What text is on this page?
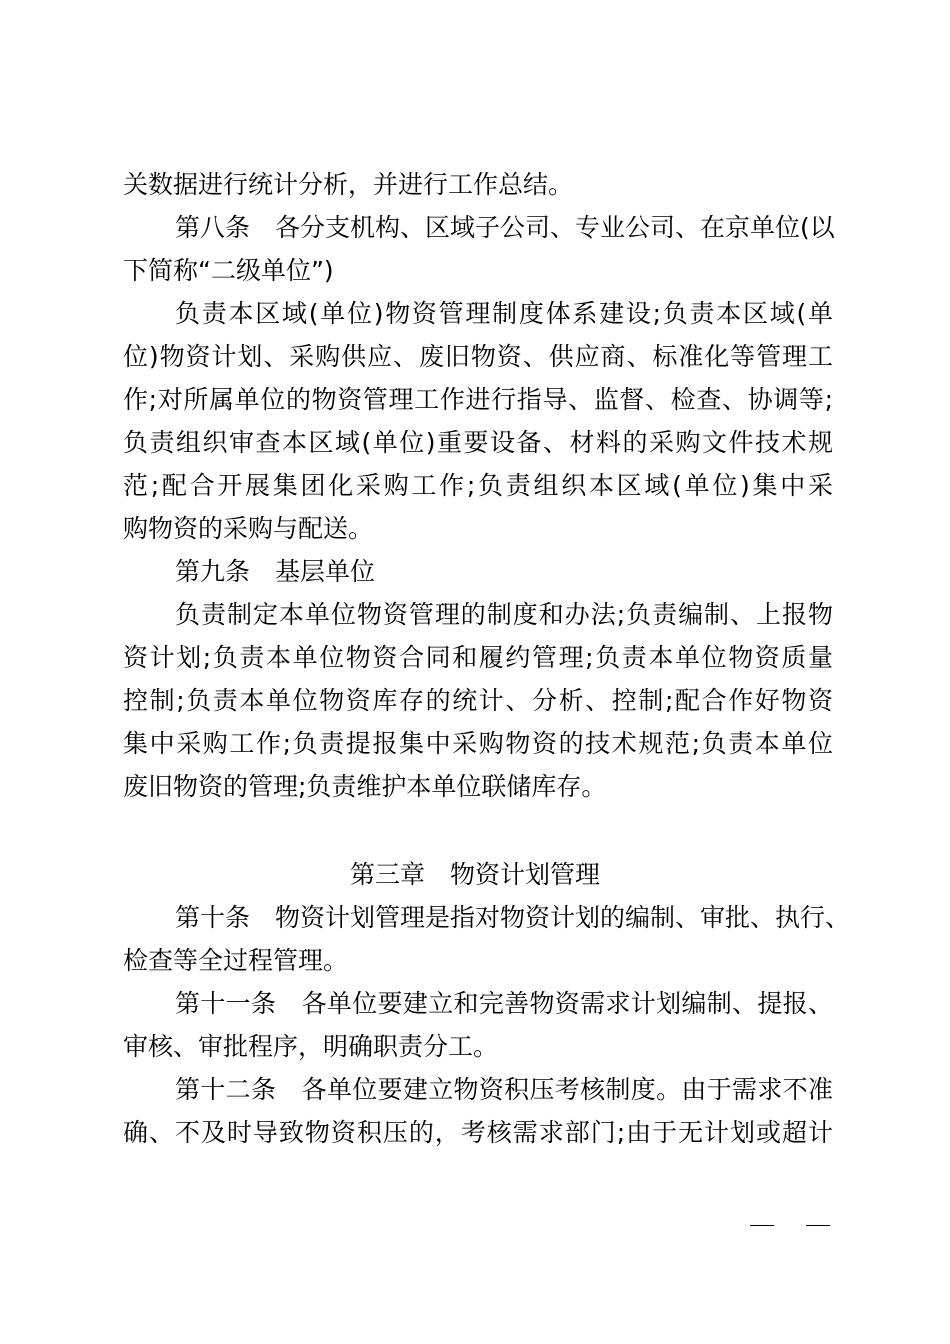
关数据进行统计分析，并进行工作总结。
第八条　各分支机构、区域子公司、专业公司、在京单位(以
下简称“二级单位”)
负责本区域(单位)物资管理制度体系建设;负责本区域(单
位)物资计划、采购供应、废旧物资、供应商、标准化等管理工
作;对所属单位的物资管理工作进行指导、监督、检查、协调等;
负责组织审查本区域(单位)重要设备、材料的采购文件技术规
范;配合开展集团化采购工作;负责组织本区域(单位)集中采
购物资的采购与配送。
第九条　基层单位
负责制定本单位物资管理的制度和办法;负责编制、上报物
资计划;负责本单位物资合同和履约管理;负责本单位物资质量
控制;负责本单位物资库存的统计、分析、控制;配合作好物资
集中采购工作;负责提报集中采购物资的技术规范;负责本单位
废旧物资的管理;负责维护本单位联储库存。
第三章　物资计划管理
第十条　物资计划管理是指对物资计划的编制、审批、执行、
检查等全过程管理。
第十一条　各单位要建立和完善物资需求计划编制、提报、
审核、审批程序，明确职责分工。
第十二条　各单位要建立物资积压考核制度。由于需求不准
确、不及时导致物资积压的，考核需求部门;由于无计划或超计
